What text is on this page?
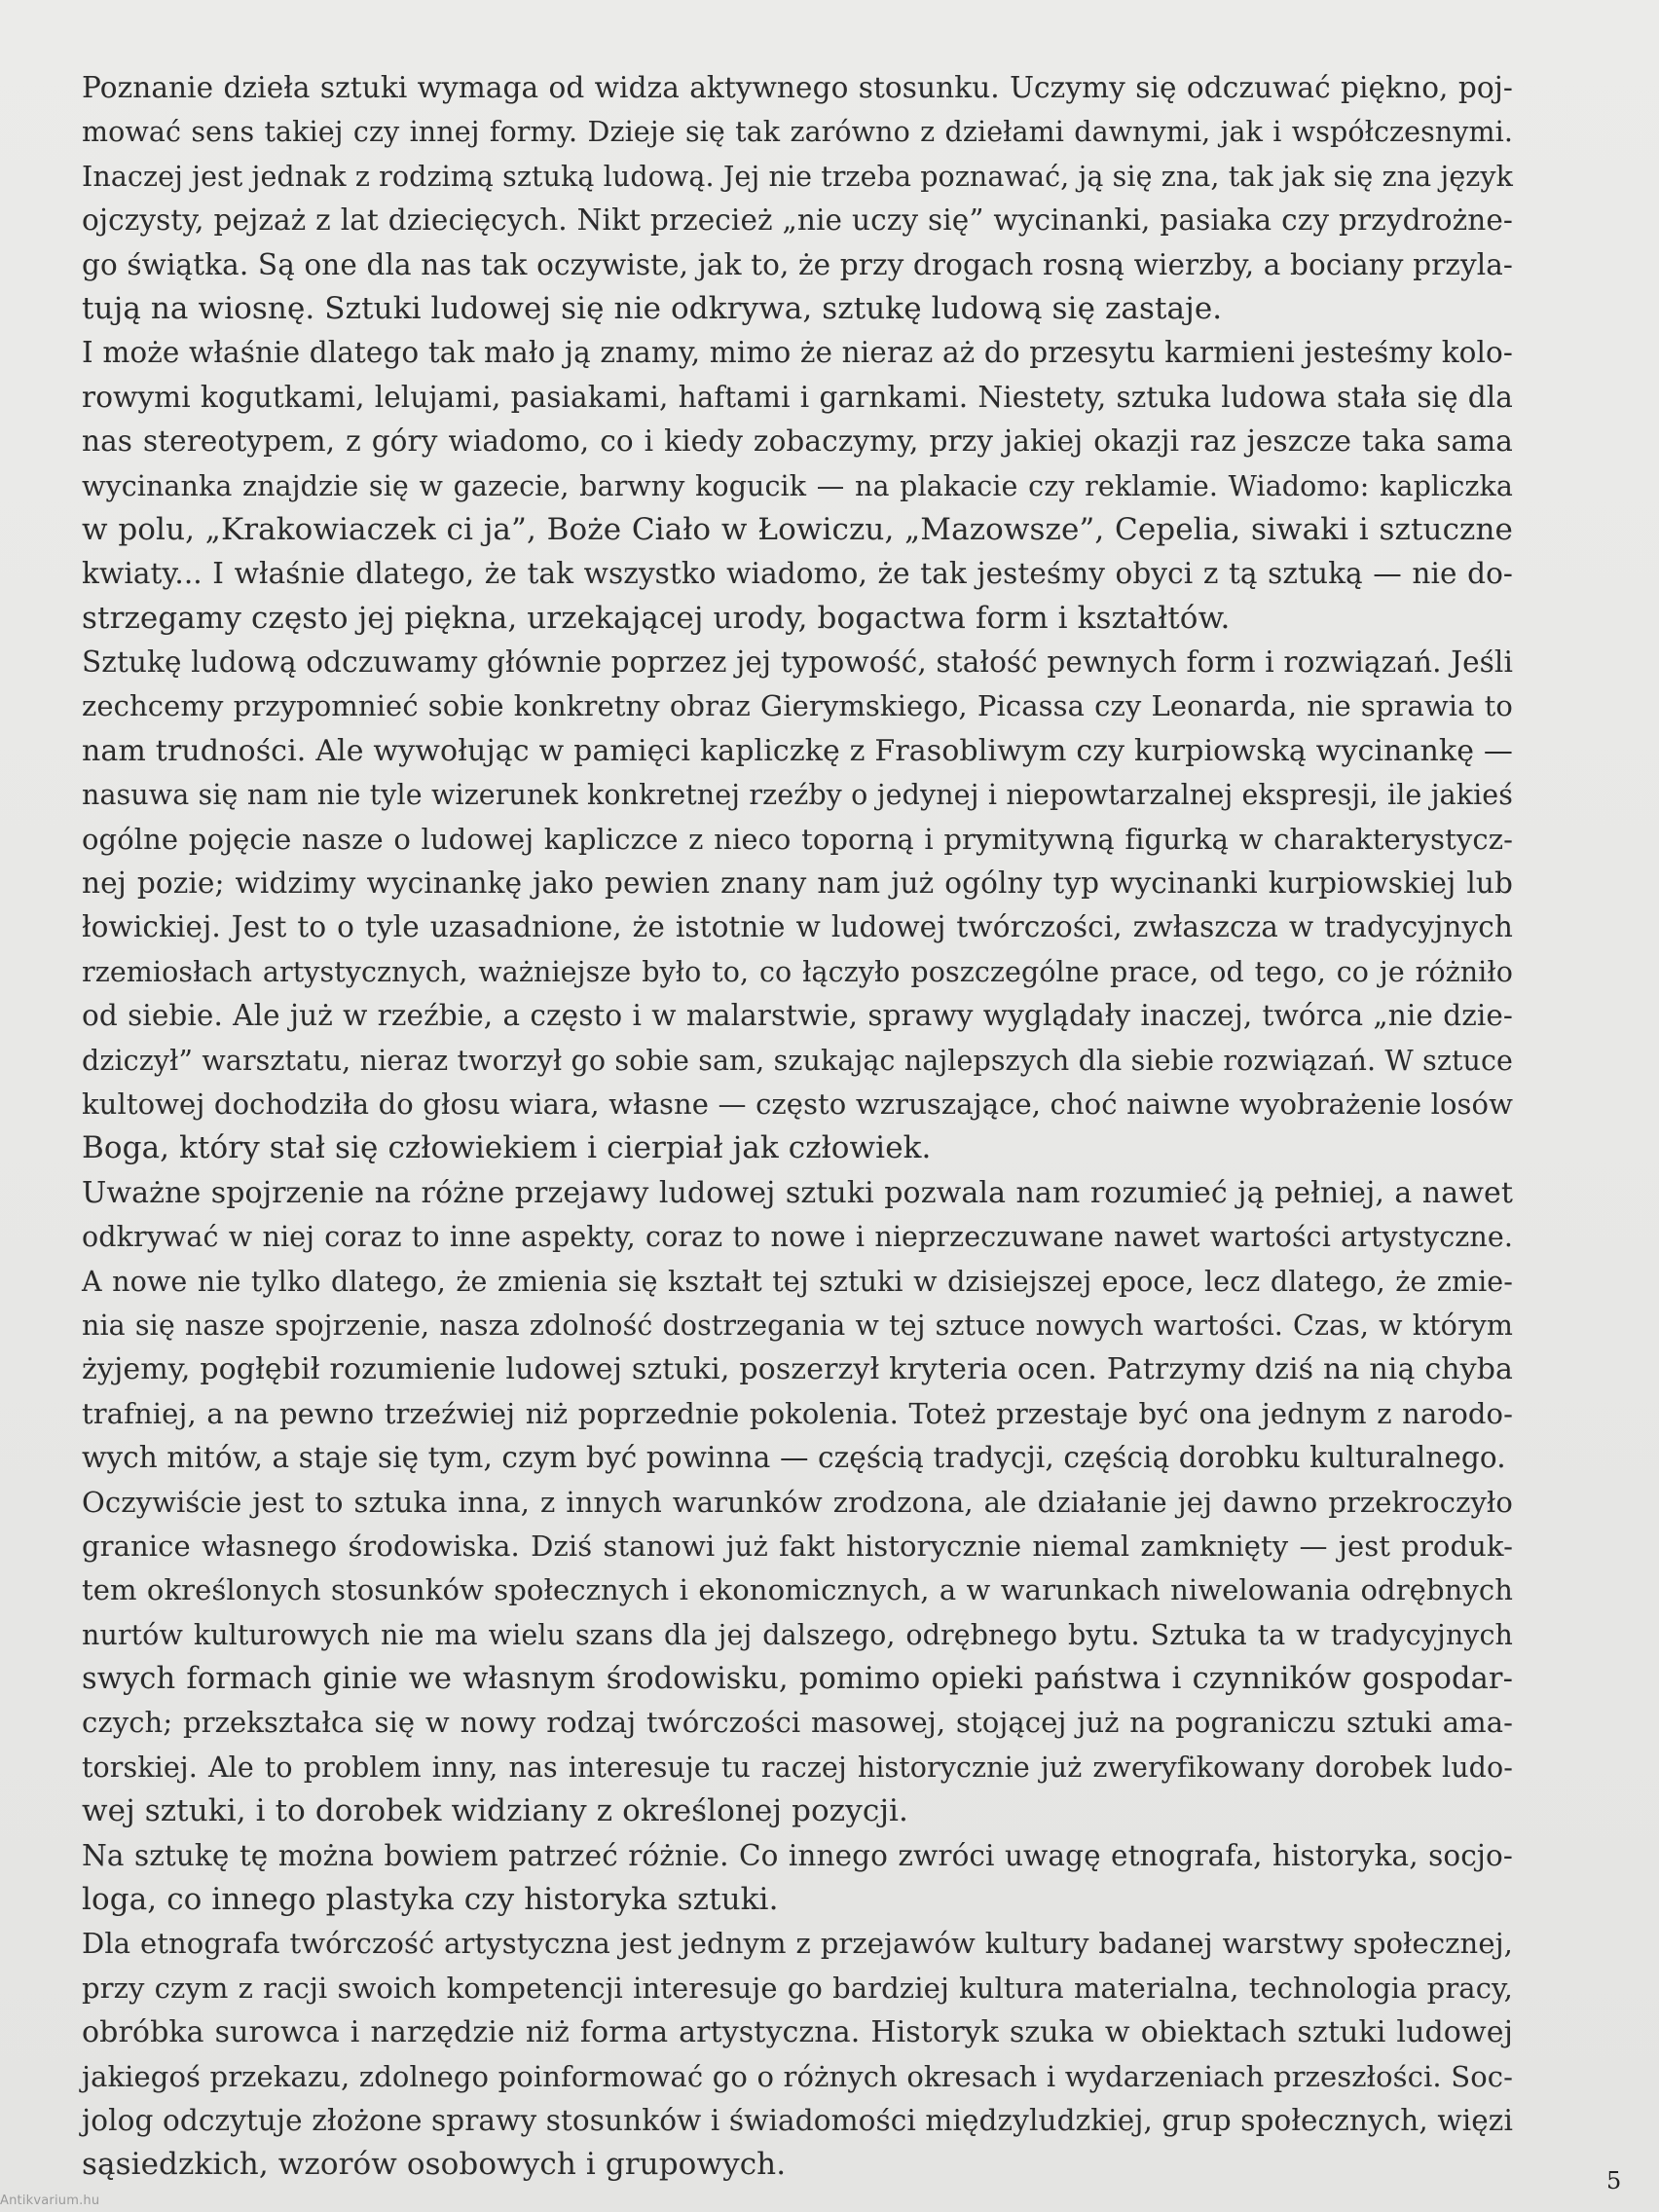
Poznanie dzieła sztuki wymaga od widza aktywnego stosunku. Uczymy się odczuwać piękno, poj-
mować sens takiej czy innej formy. Dzieje się tak zarówno z dziełami dawnymi, jak i współczesnymi.
Inaczej jest jednak z rodzimą sztuką ludową. Jej nie trzeba poznawać, ją się zna, tak jak się zna język
ojczysty, pejzaż z lat dziecięcych. Nikt przecież „nie uczy się” wycinanki, pasiaka czy przydrożne-
go świątka. Są one dla nas tak oczywiste, jak to, że przy drogach rosną wierzby, a bociany przyla-
tują na wiosnę. Sztuki ludowej się nie odkrywa, sztukę ludową się zastaje.
I może właśnie dlatego tak mało ją znamy, mimo że nieraz aż do przesytu karmieni jesteśmy kolo-
rowymi kogutkami, lelujami, pasiakami, haftami i garnkami. Niestety, sztuka ludowa stała się dla
nas stereotypem, z góry wiadomo, co i kiedy zobaczymy, przy jakiej okazji raz jeszcze taka sama
wycinanka znajdzie się w gazecie, barwny kogucik — na plakacie czy reklamie. Wiadomo: kapliczka
w polu, „Krakowiaczek ci ja”, Boże Ciało w Łowiczu, „Mazowsze”, Cepelia, siwaki i sztuczne
kwiaty... I właśnie dlatego, że tak wszystko wiadomo, że tak jesteśmy obyci z tą sztuką — nie do-
strzegamy często jej piękna, urzekającej urody, bogactwa form i kształtów.
Sztukę ludową odczuwamy głównie poprzez jej typowość, stałość pewnych form i rozwiązań. Jeśli
zechcemy przypomnieć sobie konkretny obraz Gierymskiego, Picassa czy Leonarda, nie sprawia to
nam trudności. Ale wywołując w pamięci kapliczkę z Frasobliwym czy kurpiowską wycinankę —
nasuwa się nam nie tyle wizerunek konkretnej rzeźby o jedynej i niepowtarzalnej ekspresji, ile jakieś
ogólne pojęcie nasze o ludowej kapliczce z nieco toporną i prymitywną figurką w charakterystycz-
nej pozie; widzimy wycinankę jako pewien znany nam już ogólny typ wycinanki kurpiowskiej lub
łowickiej. Jest to o tyle uzasadnione, że istotnie w ludowej twórczości, zwłaszcza w tradycyjnych
rzemiosłach artystycznych, ważniejsze było to, co łączyło poszczególne prace, od tego, co je różniło
od siebie. Ale już w rzeźbie, a często i w malarstwie, sprawy wyglądały inaczej, twórca „nie dzie-
dziczył” warsztatu, nieraz tworzył go sobie sam, szukając najlepszych dla siebie rozwiązań. W sztuce
kultowej dochodziła do głosu wiara, własne — często wzruszające, choć naiwne wyobrażenie losów
Boga, który stał się człowiekiem i cierpiał jak człowiek.
Uważne spojrzenie na różne przejawy ludowej sztuki pozwala nam rozumieć ją pełniej, a nawet
odkrywać w niej coraz to inne aspekty, coraz to nowe i nieprzeczuwane nawet wartości artystyczne.
A nowe nie tylko dlatego, że zmienia się kształt tej sztuki w dzisiejszej epoce, lecz dlatego, że zmie-
nia się nasze spojrzenie, nasza zdolność dostrzegania w tej sztuce nowych wartości. Czas, w którym
żyjemy, pogłębił rozumienie ludowej sztuki, poszerzył kryteria ocen. Patrzymy dziś na nią chyba
trafniej, a na pewno trzeźwiej niż poprzednie pokolenia. Toteż przestaje być ona jednym z narodo-
wych mitów, a staje się tym, czym być powinna — częścią tradycji, częścią dorobku kulturalnego.
Oczywiście jest to sztuka inna, z innych warunków zrodzona, ale działanie jej dawno przekroczyło
granice własnego środowiska. Dziś stanowi już fakt historycznie niemal zamknięty — jest produk-
tem określonych stosunków społecznych i ekonomicznych, a w warunkach niwelowania odrębnych
nurtów kulturowych nie ma wielu szans dla jej dalszego, odrębnego bytu. Sztuka ta w tradycyjnych
swych formach ginie we własnym środowisku, pomimo opieki państwa i czynników gospodar-
czych; przekształca się w nowy rodzaj twórczości masowej, stojącej już na pograniczu sztuki ama-
torskiej. Ale to problem inny, nas interesuje tu raczej historycznie już zweryfikowany dorobek ludo-
wej sztuki, i to dorobek widziany z określonej pozycji.
Na sztukę tę można bowiem patrzeć różnie. Co innego zwróci uwagę etnografa, historyka, socjo-
loga, co innego plastyka czy historyka sztuki.
Dla etnografa twórczość artystyczna jest jednym z przejawów kultury badanej warstwy społecznej,
przy czym z racji swoich kompetencji interesuje go bardziej kultura materialna, technologia pracy,
obróbka surowca i narzędzie niż forma artystyczna. Historyk szuka w obiektach sztuki ludowej
jakiegoś przekazu, zdolnego poinformować go o różnych okresach i wydarzeniach przeszłości. Soc-
jolog odczytuje złożone sprawy stosunków i świadomości międzyludzkiej, grup społecznych, więzi
sąsiedzkich, wzorów osobowych i grupowych.	5
Antikvarium.hu
